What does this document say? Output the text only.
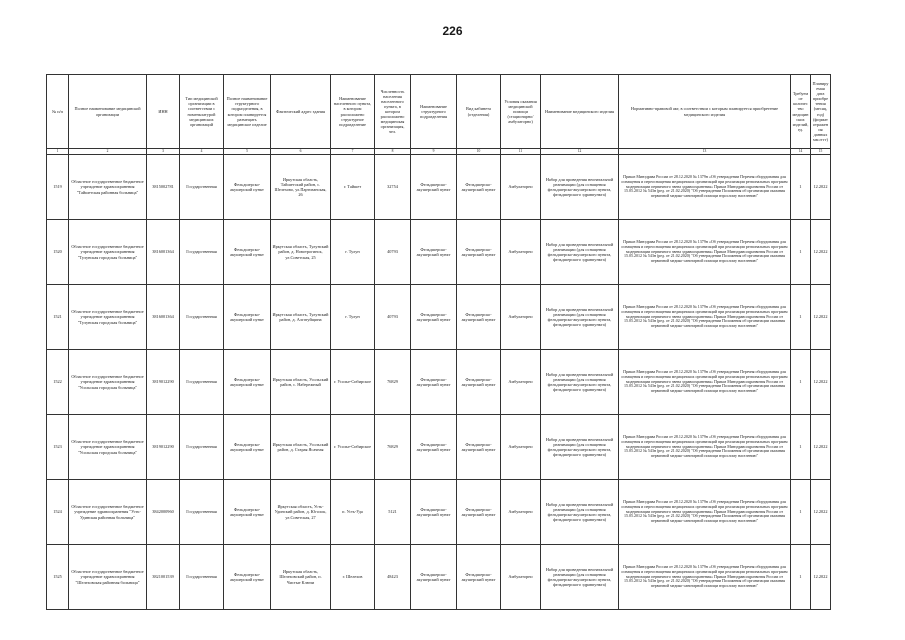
226
№ п/п	Полное наименование медицинской организации	ИНН	Тип медицинской организации в соответствии с номенклатурой медицинских организаций	Полное наименование структурного подразделения, в котором планируется размещать медицинское изделие	Фактический адрес здания	Наименование населенного пункта, в котором расположено структурное подразделение	Численность населения населенного пункта, в котором расположено медицинская организация, чел.	Наименование структурного подразделения	Вид кабинета (отделения)	Условия оказания медицинской помощи (стационарно/амбулаторно)	Наименование медицинского изделия	Нормативно-правовой акт, в соответствии с которым планируется приобретение медицинского изделия	Требуемое количество медицинских изделий, ед.	Планируемая дата приобретения (месяц, год) (формат отражения данных мм.гггг)
1	2	3	4	5	6	7	8	9	10	11	12	13	14	15
1519	Областное государственное бюджетное учреждение здравоохранения "Тайшетская районная больница"	3815002781	Государственная	Фельдшерско-акушерский пункт	Иркутская область, Тайшетский район, с. Шелехово, ул.Партизанская, 26	г. Тайшет	32754	Фельдшерско-акушерский пункт	Фельдшерско-акушерский пункт	Амбулаторно	Набор для проведения неонатальной реанимации (для оснащения фельдшерско-акушерского пункта, фельдшерского здравпункта)	Приказ Минздрава России от 28.12.2020 № 1379н «Об утверждении Перечня оборудования для оснащения и переоснащения медицинских организаций при реализации региональных программ модернизации первичного звена здравоохранения» Приказ Минздравсоцразвития России от 15.05.2012 № 543н (ред. от 21.02.2020) "Об утверждении Положения об организации оказания первичной медико-санитарной помощи взрослому населению"	1	12.2022
1520	Областное государственное бюджетное учреждение здравоохранения "Тулунская городская больница"	3816001364	Государственная	Фельдшерско-акушерский пункт	Иркутская область, Тулунский район, д. Новотрогинск, ул.Советская, 25	г. Тулун	40793	Фельдшерско-акушерский пункт	Фельдшерско-акушерский пункт	Амбулаторно	Набор для проведения неонатальной реанимации (для оснащения фельдшерско-акушерского пункта, фельдшерского здравпункта)	Приказ Минздрава России от 28.12.2020 № 1379н «Об утверждении Перечня оборудования для оснащения и переоснащения медицинских организаций при реализации региональных программ модернизации первичного звена здравоохранения» Приказ Минздравсоцразвития России от 15.05.2012 № 543н (ред. от 21.02.2020) "Об утверждении Положения об организации оказания первичной медико-санитарной помощи взрослому населению"	1	12.2022
1521	Областное государственное бюджетное учреждение здравоохранения "Тулунская городская больница"	3816001364	Государственная	Фельдшерско-акушерский пункт	Иркутская область, Тулунский район, д. Алгатуйщина	г. Тулун	40793	Фельдшерско-акушерский пункт	Фельдшерско-акушерский пункт	Амбулаторно	Набор для проведения неонатальной реанимации (для оснащения фельдшерско-акушерского пункта, фельдшерского здравпункта)	Приказ Минздрава России от 28.12.2020 № 1379н «Об утверждении Перечня оборудования для оснащения и переоснащения медицинских организаций при реализации региональных программ модернизации первичного звена здравоохранения» Приказ Минздравсоцразвития России от 15.05.2012 № 543н (ред. от 21.02.2020) "Об утверждении Положения об организации оказания первичной медико-санитарной помощи взрослому населению"	1	12.2022
1522	Областное государственное бюджетное учреждение здравоохранения "Усольская городская больница"	3819012290	Государственная	Фельдшерско-акушерский пункт	Иркутская область, Усольский район, с. Набережный	г. Усолье-Сибирское	76829	Фельдшерско-акушерский пункт	Фельдшерско-акушерский пункт	Амбулаторно	Набор для проведения неонатальной реанимации (для оснащения фельдшерско-акушерского пункта, фельдшерского здравпункта)	Приказ Минздрава России от 28.12.2020 № 1379н «Об утверждении Перечня оборудования для оснащения и переоснащения медицинских организаций при реализации региональных программ модернизации первичного звена здравоохранения» Приказ Минздравсоцразвития России от 15.05.2012 № 543н (ред. от 21.02.2020) "Об утверждении Положения об организации оказания первичной медико-санитарной помощи взрослому населению"	1	12.2022
1523	Областное государственное бюджетное учреждение здравоохранения "Усольская городская больница"	3819012290	Государственная	Фельдшерско-акушерский пункт	Иркутская область, Усольский район, д. Старая Ясачная	г. Усолье-Сибирское	76829	Фельдшерско-акушерский пункт	Фельдшерско-акушерский пункт	Амбулаторно	Набор для проведения неонатальной реанимации (для оснащения фельдшерско-акушерского пункта, фельдшерского здравпункта)	Приказ Минздрава России от 28.12.2020 № 1379н «Об утверждении Перечня оборудования для оснащения и переоснащения медицинских организаций при реализации региональных программ модернизации первичного звена здравоохранения» Приказ Минздравсоцразвития России от 15.05.2012 № 543н (ред. от 21.02.2020) "Об утверждении Положения об организации оказания первичной медико-санитарной помощи взрослому населению"	1	12.2022
1524	Областное государственное бюджетное учреждение здравоохранения "Усть-Удинская районная больница"	3842000960	Государственная	Фельдшерско-акушерский пункт	Иркутская область, Усть-Удинский район, д. Юголок, ул.Советская, 27	п. Усть-Уда	5121	Фельдшерско-акушерский пункт	Фельдшерско-акушерский пункт	Амбулаторно	Набор для проведения неонатальной реанимации (для оснащения фельдшерско-акушерского пункта, фельдшерского здравпункта)	Приказ Минздрава России от 28.12.2020 № 1379н «Об утверждении Перечня оборудования для оснащения и переоснащения медицинских организаций при реализации региональных программ модернизации первичного звена здравоохранения» Приказ Минздравсоцразвития России от 15.05.2012 № 543н (ред. от 21.02.2020) "Об утверждении Положения об организации оказания первичной медико-санитарной помощи взрослому населению"	1	12.2022
1525	Областное государственное бюджетное учреждение здравоохранения "Шелеховская районная больница"	3821001539	Государственная	Фельдшерско-акушерский пункт	Иркутская область, Шелеховский район, п. Чистые Ключи	г. Шелехов	48423	Фельдшерско-акушерский пункт	Фельдшерско-акушерский пункт	Амбулаторно	Набор для проведения неонатальной реанимации (для оснащения фельдшерско-акушерского пункта, фельдшерского здравпункта)	Приказ Минздрава России от 28.12.2020 № 1379н «Об утверждении Перечня оборудования для оснащения и переоснащения медицинских организаций при реализации региональных программ модернизации первичного звена здравоохранения» Приказ Минздравсоцразвития России от 15.05.2012 № 543н (ред. от 21.02.2020) "Об утверждении Положения об организации оказания первичной медико-санитарной помощи взрослому населению"	1	12.2022
